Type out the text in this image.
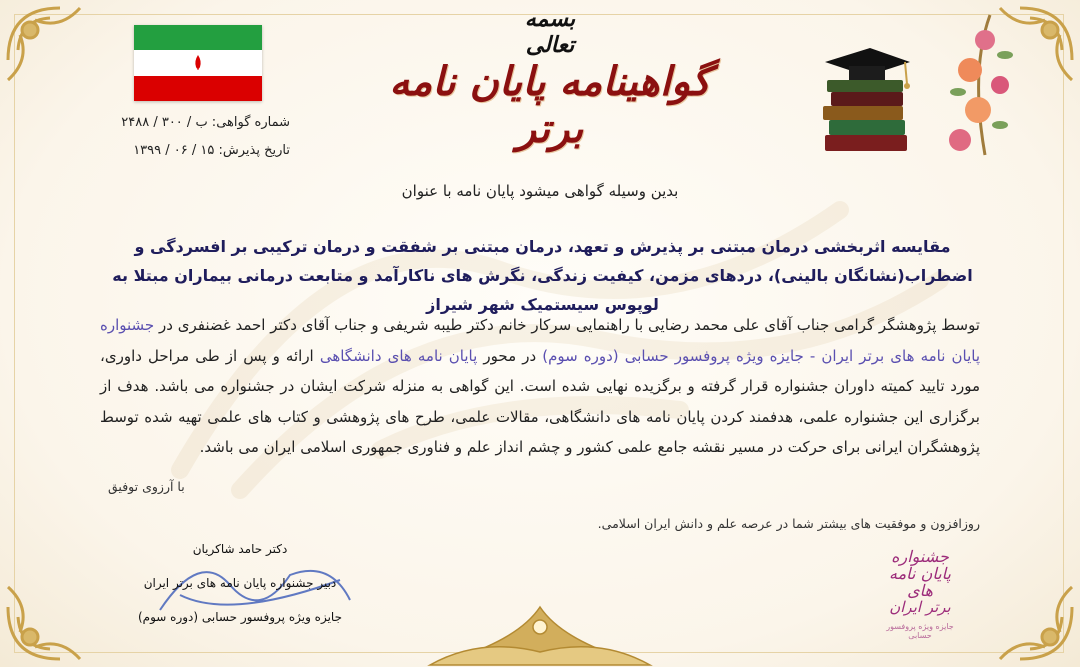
شماره گواهی: ب / ۳۰۰ / ۲۴۸۸
تاریخ پذیرش: ۱۵ / ۰۶ / ۱۳۹۹
بسمه تعالی
گواهینامه پایان نامه برتر
بدین وسیله گواهی میشود پایان نامه با عنوان
مقایسه اثربخشی درمان مبتنی بر پذیرش و تعهد، درمان مبتنی بر شفقت و درمان ترکیبی بر افسردگی و اضطراب(نشانگان بالینی)، دردهای مزمن، کیفیت زندگی، نگرش های ناکارآمد و متابعت درمانی بیماران مبتلا به لوپوس سیستمیک شهر شیراز
توسط پژوهشگر گرامی جناب آقای علی محمد رضایی با راهنمایی سرکار خانم دکتر طیبه شریفی و جناب آقای دکتر احمد غضنفری در جشنواره پایان نامه های برتر ایران - جایزه ویژه پروفسور حسابی (دوره سوم) در محور پایان نامه های دانشگاهی ارائه و پس از طی مراحل داوری، مورد تایید کمیته داوران جشنواره قرار گرفته و برگزیده نهایی شده است. این گواهی به منزله شرکت ایشان در جشنواره می باشد. هدف از برگزاری این جشنواره علمی، هدفمند کردن پایان نامه های دانشگاهی، مقالات علمی، طرح های پژوهشی و کتاب های علمی تهیه شده توسط پژوهشگران ایرانی برای حرکت در مسیر نقشه جامع علمی کشور و چشم انداز علم و فناوری جمهوری اسلامی ایران می باشد.
با آرزوی توفیق
روزافزون و موفقیت های بیشتر شما در عرصه علم و دانش ایران اسلامی.
دکتر حامد شاکریان
دبیر جشنواره پایان نامه های برتر ایران
جایزه ویژه پروفسور حسابی (دوره سوم)
جشنواره
پایان نامه های
برتر ایران
جایزه ویژه پروفسور حسابی
